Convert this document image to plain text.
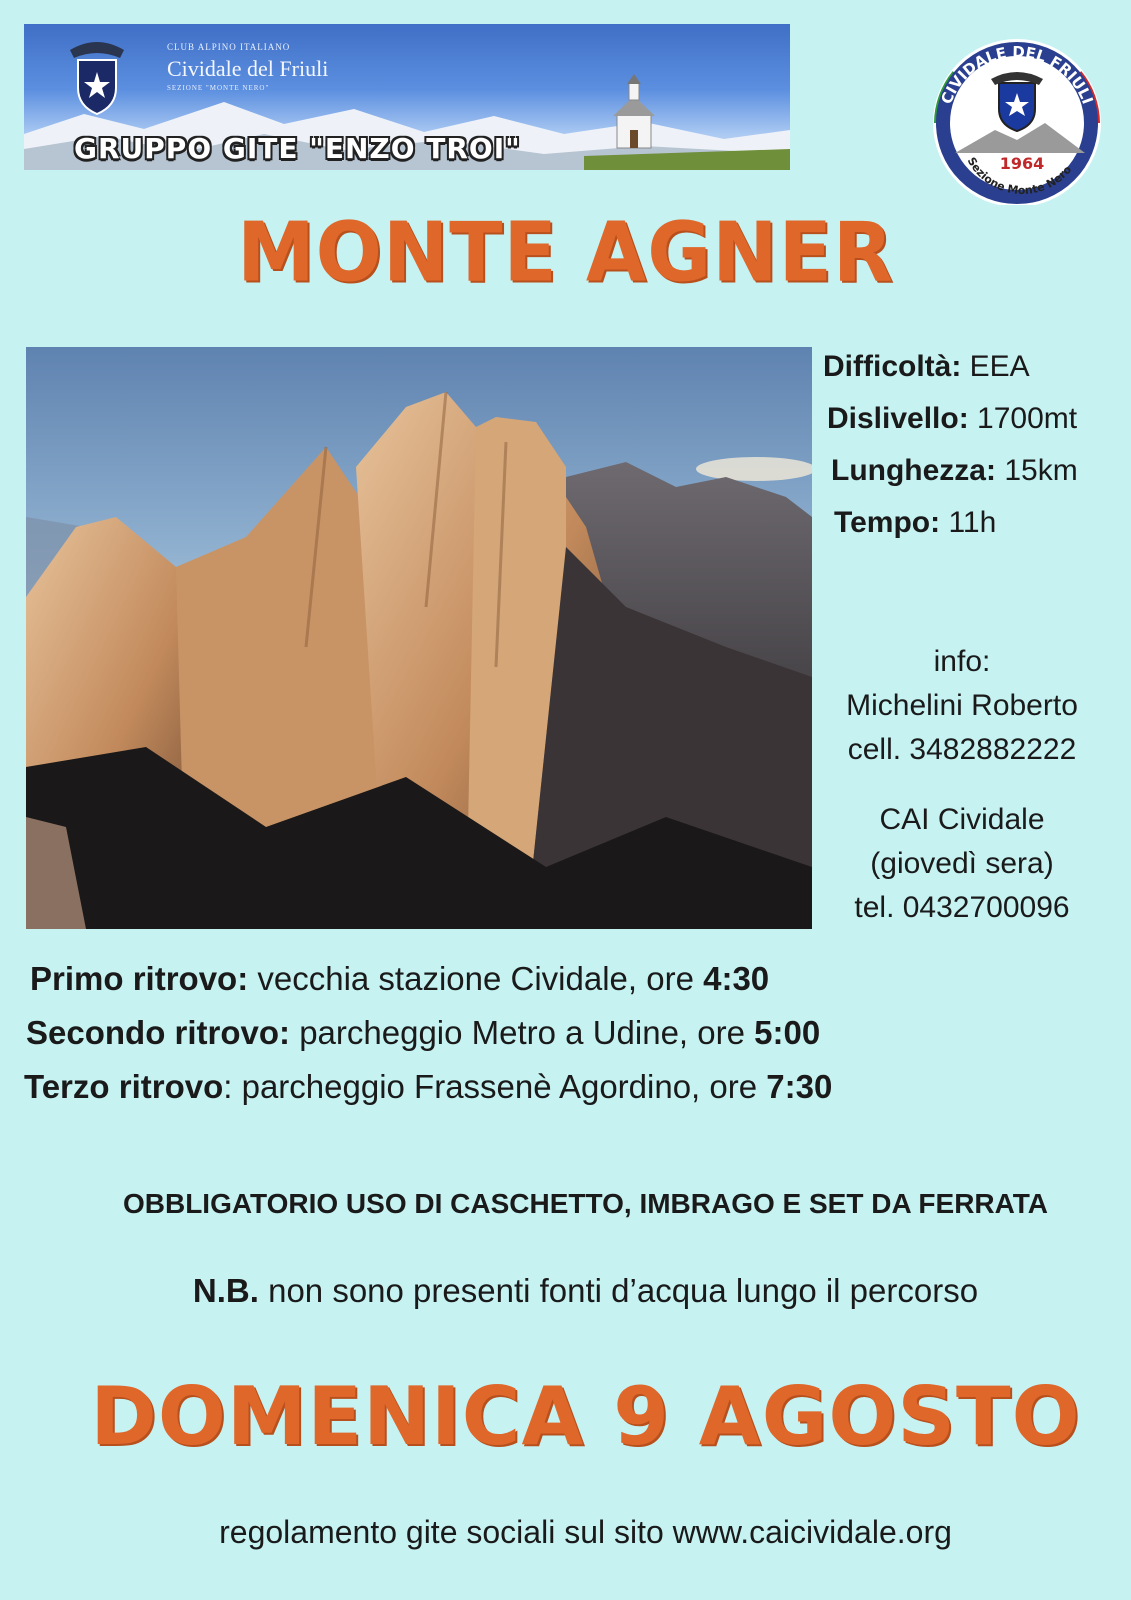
CLUB ALPINO ITALIANO
Cividale del Friuli
SEZIONE "MONTE NERO"
GRUPPO GITE "ENZO TROI"
CIVIDALE DEL FRIULI
1964
Sezione Monte Nero
MONTE AGNER
Difficoltà: EEA
Dislivello: 1700mt
Lunghezza: 15km
Tempo: 11h
info:
Michelini Roberto
cell. 3482882222
CAI Cividale
(giovedì sera)
tel. 0432700096
Primo ritrovo: vecchia stazione Cividale, ore 4:30
Secondo ritrovo: parcheggio Metro a Udine, ore 5:00
Terzo ritrovo: parcheggio Frassenè Agordino, ore 7:30
OBBLIGATORIO USO DI CASCHETTO, IMBRAGO E SET DA FERRATA
N.B. non sono presenti fonti d’acqua lungo il percorso
DOMENICA 9 AGOSTO
regolamento gite sociali sul sito www.caicividale.org
